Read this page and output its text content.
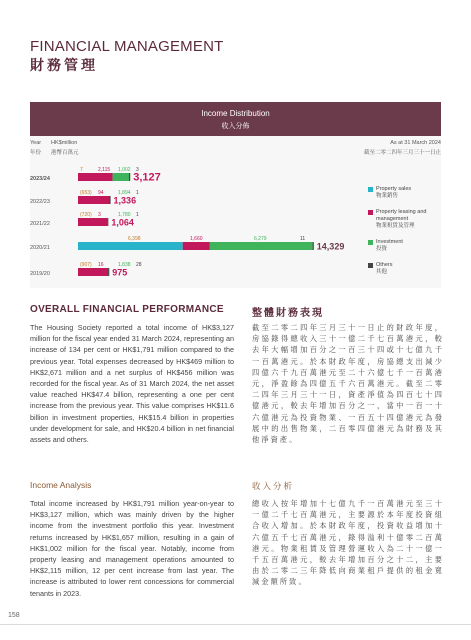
FINANCIAL MANAGEMENT
財務管理
Income Distribution
收入分佈
Year
年份
HK$million
港幣百萬元
As at 31 March 2024
截至二零二四年三月三十一日止
2023/24
7	2,115 1,002 3
3,127
2022/23
(653) 94	1,894 1
1,336
2021/22
(720) 3	1,780 1
1,064
2020/21
6,398	1,660	6,279	11
14,329
2019/20
(907) 16	1,838 28
975
Property sales
物業銷售
Property leasing and management
物業租賃及管理
Investment
投資
Others
其他
OVERALL FINANCIAL PERFORMANCE	整體財務表現
The Housing Society reported a total income of HK$3,127 million for the fiscal year ended 31 March 2024, representing an increase of 134 per cent or HK$1,791 million compared to the previous year. Total expenses decreased by HK$469 million to HK$2,671 million and a net surplus of HK$456 million was recorded for the fiscal year. As of 31 March 2024, the net asset value reached HK$47.4 billion, representing a one per cent increase from the previous year. This value comprises HK$11.6 billion in investment properties, HK$15.4 billion in properties under development for sale, and HK$20.4 billion in net financial assets and others.
截至二零二四年三月三十一日止的財政年度，房協錄得總收入三十一億二千七百萬港元，較去年大幅增加百分之一百三十四或十七億九千一百萬港元。於本財政年度，房協總支出減少四億六千九百萬港元至二十六億七千一百萬港元，淨盈餘為四億五千六百萬港元。截至二零二四年三月三十一日，資產淨值為四百七十四億港元，較去年增加百分之一，當中一百一十六億港元為投資物業、一百五十四億港元為發展中的出售物業，二百零四億港元為財務及其他淨資產。
Income Analysis	收入分析
Total income increased by HK$1,791 million year-on-year to HK$3,127 million, which was mainly driven by the higher income from the investment portfolio this year. Investment returns increased by HK$1,657 million, resulting in a gain of HK$1,002 million for the fiscal year. Notably, income from property leasing and management operations amounted to HK$2,115 million, 12 per cent increase from last year. The increase is attributed to lower rent concessions for commercial tenants in 2023.
總收入按年增加十七億九千一百萬港元至三十一億二千七百萬港元，主要源於本年度投資組合收入增加。於本財政年度，投資收益增加十六億五千七百萬港元，錄得溢利十億零二百萬港元。物業租賃及管理營運收入為二十一億一千五百萬港元，較去年增加百分之十二，主要由於二零二三年降低向商業租戶提供的租金寬減金額所致。
158
